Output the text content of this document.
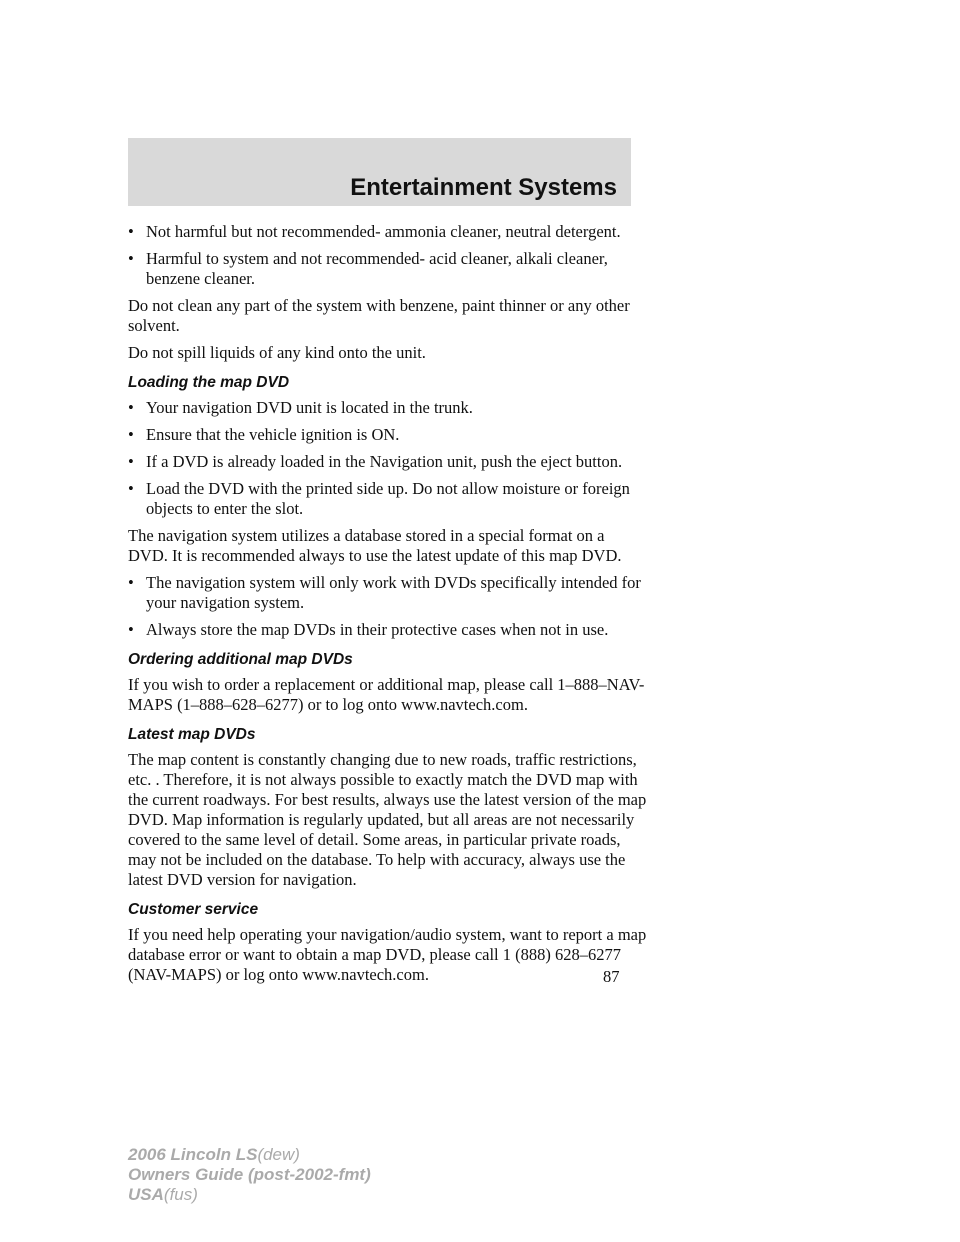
Entertainment Systems
• Not harmful but not recommended- ammonia cleaner, neutral detergent.
• Harmful to system and not recommended- acid cleaner, alkali cleaner, benzene cleaner.

Do not clean any part of the system with benzene, paint thinner or any other solvent.

Do not spill liquids of any kind onto the unit.

Loading the map DVD
• Your navigation DVD unit is located in the trunk.
• Ensure that the vehicle ignition is ON.
• If a DVD is already loaded in the Navigation unit, push the eject button.
• Load the DVD with the printed side up. Do not allow moisture or foreign objects to enter the slot.

The navigation system utilizes a database stored in a special format on a DVD. It is recommended always to use the latest update of this map DVD.

• The navigation system will only work with DVDs specifically intended for your navigation system.
• Always store the map DVDs in their protective cases when not in use.
Ordering additional map DVDs

If you wish to order a replacement or additional map, please call 1–888–NAV-MAPS (1–888–628–6277) or to log onto www.navtech.com.

Latest map DVDs

The map content is constantly changing due to new roads, traffic restrictions, etc. . Therefore, it is not always possible to exactly match the DVD map with the current roadways. For best results, always use the latest version of the map DVD. Map information is regularly updated, but all areas are not necessarily covered to the same level of detail. Some areas, in particular private roads, may not be included on the database. To help with accuracy, always use the latest DVD version for navigation.

Customer service

If you need help operating your navigation/audio system, want to report a map database error or want to obtain a map DVD, please call 1 (888) 628–6277 (NAV-MAPS) or log onto www.navtech.com.	87
2006 Lincoln LS(dew)
Owners Guide (post-2002-fmt)
USA(fus)
